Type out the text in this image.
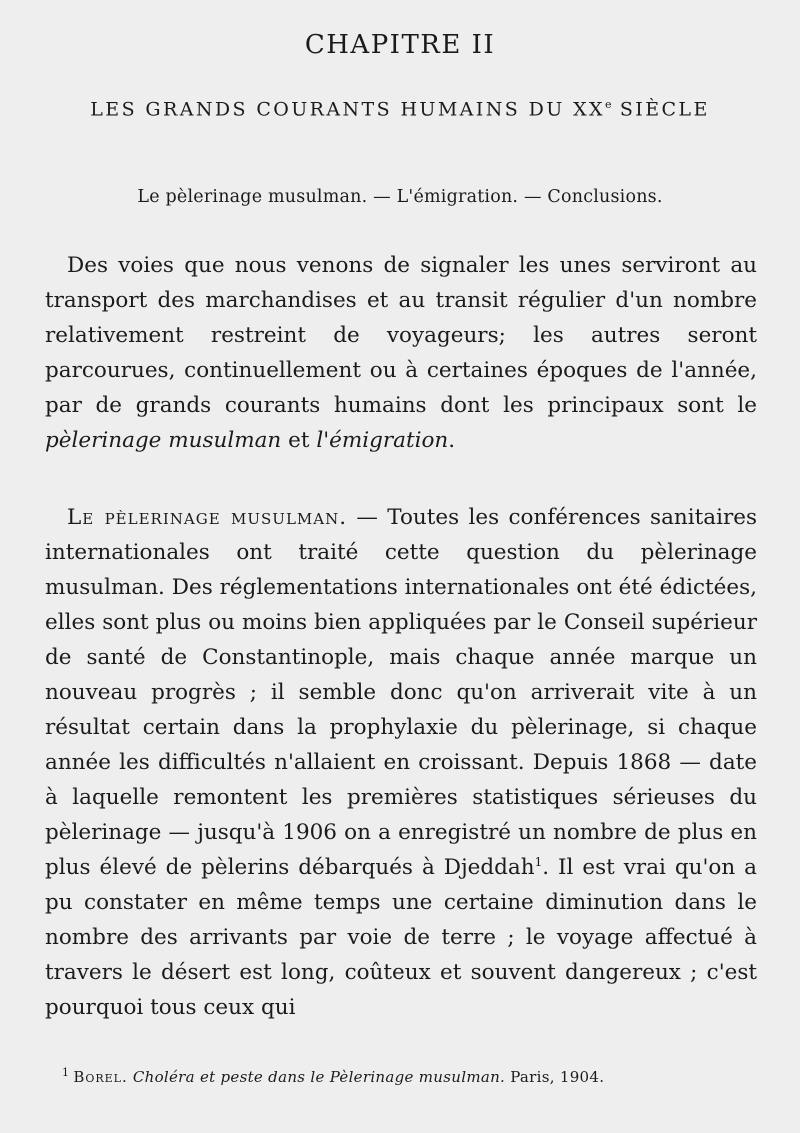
CHAPITRE II
LES GRANDS COURANTS HUMAINS DU XXe SIÈCLE
Le pèlerinage musulman. — L'émigration. — Conclusions.

Des voies que nous venons de signaler les unes serviront au transport des marchandises et au transit régulier d'un nombre relativement restreint de voyageurs; les autres seront parcourues, continuellement ou à certaines époques de l'année, par de grands courants humains dont les principaux sont le pèlerinage musulman et l'émigration.

Le pèlerinage musulman. — Toutes les conférences sanitaires internationales ont traité cette question du pèlerinage musulman. Des réglementations internationales ont été édictées, elles sont plus ou moins bien appliquées par le Conseil supérieur de santé de Constantinople, mais chaque année marque un nouveau progrès ; il semble donc qu'on arriverait vite à un résultat certain dans la prophylaxie du pèlerinage, si chaque année les difficultés n'allaient en croissant. Depuis 1868 — date à laquelle remontent les premières statistiques sérieuses du pèlerinage — jusqu'à 1906 on a enregistré un nombre de plus en plus élevé de pèlerins débarqués à Djeddah$^1$. Il est vrai qu'on a pu constater en même temps une certaine diminution dans le nombre des arrivants par voie de terre ; le voyage affectué à travers le désert est long, coûteux et souvent dangereux ; c'est pourquoi tous ceux qui

$^1$ Borel. Choléra et peste dans le Pèlerinage musulman. Paris, 1904.
